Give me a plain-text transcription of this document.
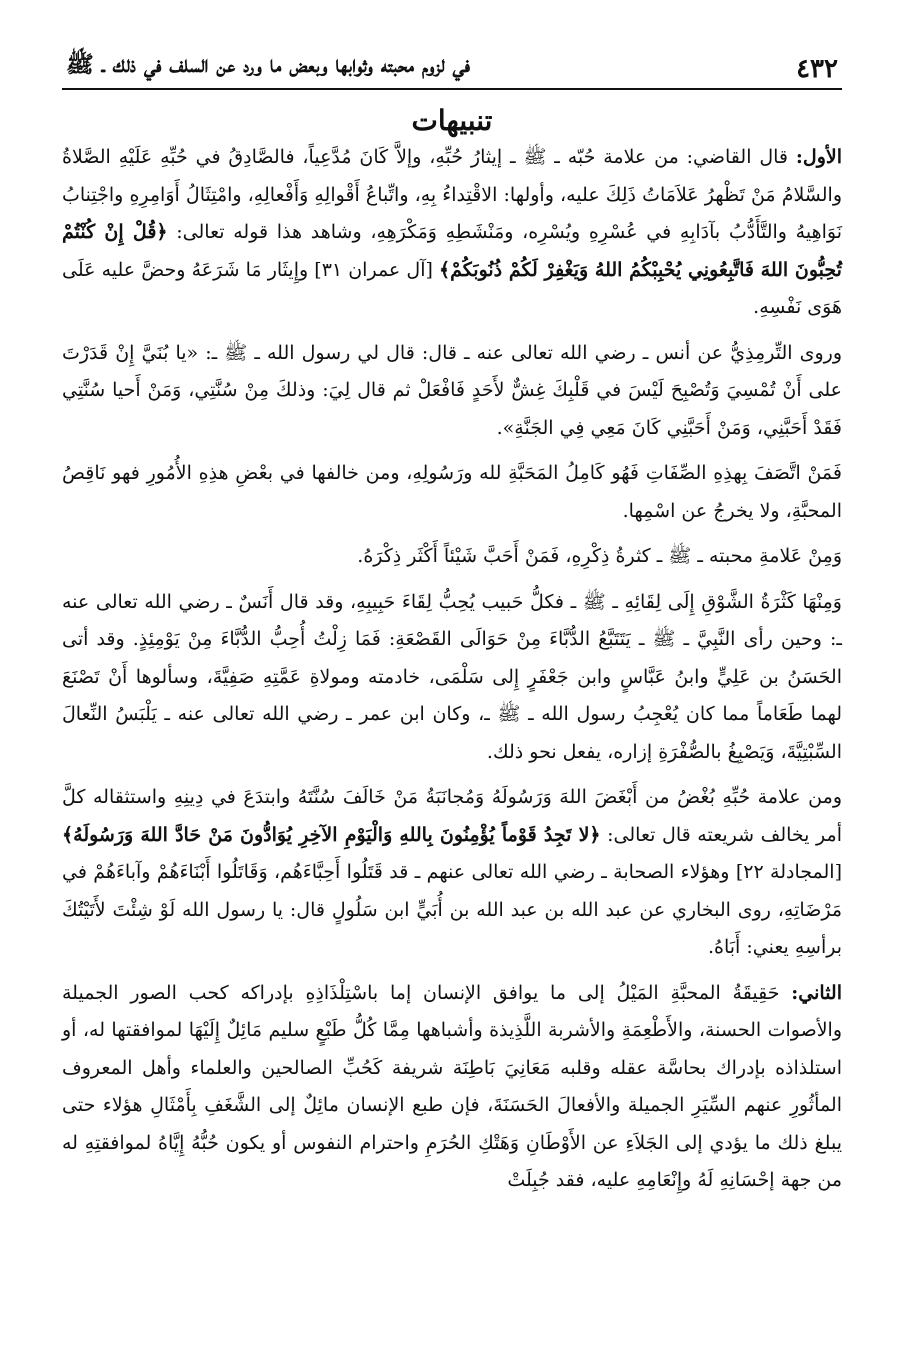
٤٣٢
في لزوم محبته وثوابها وبعض ما ورد عن السلف في ذلك ـ ﷺ
تنبيهات

الأول: قال القاضي: من علامة حُبّه ـ ﷺ ـ إيثارُ حُبِّهِ، وإلاَّ كَانَ مُدَّعِياً، فالصَّادِقُ في حُبِّهِ عَلَيْهِ الصَّلاةُ والسَّلامُ مَنْ تَظْهرُ عَلاَمَاتُ ذَلِكَ عليه، وأولها: الاقْتِداءُ بِهِ، واتِّباعُ أَقْوالِهِ وَأَفْعالِهِ، وامْتِثَالُ أَوَامِرِهِ واجْتِنابُ نَوَاهِيهُ والتَّأَدُّبُ بآدَابِهِ في عُسْرِهِ ويُسْرِه، ومَنْشَطِهِ وَمَكْرَهِهِ، وشاهد هذا قوله تعالى: ﴿قُلْ إِنْ كُنْتُمْ تُحِبُّونَ اللهَ فَاتَّبِعُونِي يُحْبِبْكُمُ اللهُ وَيَغْفِرْ لَكُمْ ذُنُوبَكُمْ﴾ [آل عمران ٣١] وإِيثَار مَا شَرَعَهُ وحضَّ عليه عَلَى هَوَى نَفْسِهِ.

وروى التِّرمِذِيُّ عن أنس ـ رضي الله تعالى عنه ـ قال: قال لي رسول الله ـ ﷺ ـ: «يا بُنَيَّ إِنْ قَدَرْتَ على أَنْ تُمْسِيَ وَتُصْبِحَ لَيْسَ في قَلْبِكَ غِشٌّ لأَحَدٍ فَافْعَلْ ثم قال لِيَ: وذلكَ مِنْ سُنَّتِي، وَمَنْ أَحيا سُنَّتِي فَقَدْ أَحَبَّنِي، وَمَنْ أَحَبَّنِي كَانَ مَعِي فِي الجَنَّةِ».

فَمَنْ اتَّصَفَ بِهذِهِ الصِّفَاتِ فَهُو كَامِلُ المَحَبَّةِ لله ورَسُولِهِ، ومن خالفها في بعْضِ هذِهِ الأُمُورِ فهو نَاقِصُ المحبَّةِ، ولا يخرجُ عن اسْمِها.

وَمِنْ عَلامةِ محبته ـ ﷺ ـ كثرةُ ذِكْرِهِ، فَمَنْ أَحَبَّ شَيْئاً أَكْثَر ذِكْرَهُ.

وَمِنْهَا كَثْرَةُ الشَّوْقِ إِلَى لِقَائِهِ ـ ﷺ ـ فكلُّ حَبيب يُحِبُّ لِقَاءَ حَبِيبِهِ، وقد قال أَنَسٌ ـ رضي الله تعالى عنه ـ: وحين رأى النَّبِيَّ ـ ﷺ ـ يَتَتَبَّعُ الدُّبَّاءَ مِنْ حَوَالَى القَصْعَةِ: فَمَا زِلْتُ أُحِبُّ الدُّبَّاءَ مِنْ يَوْمِئِذٍ. وقد أتى الحَسَنُ بن عَلِيٍّ وابنُ عَبَّاسٍ وابن جَعْفَرٍ إِلى سَلْمَى، خادمته ومولاةِ عَمَّتِهِ صَفِيَّةَ، وسألوها أَنْ تَصْنَعَ لهما طَعَاماً مما كان يُعْجِبُ رسول الله ـ ﷺ ـ، وكان ابن عمر ـ رضي الله تعالى عنه ـ يَلْبَسُ النِّعالَ السِّبْتِيَّةَ، وَيَصْبِغُ بالصُّفْرَةِ إزاره، يفعل نحو ذلك.

ومن علامة حُبِّهِ بُغْضُ من أَبْغَضَ اللهَ وَرَسُولَهُ وَمُجانَبَةُ مَنْ خَالَفَ سُنَّتَهُ وابتدَعَ في دِينِهِ واستثقاله كلَّ أمر يخالف شريعته قال تعالى: ﴿لا تَجِدُ قَوْماً يُؤْمِنُونَ بِاللهِ وَالْيَوْمِ الآخِرِ يُوَادُّونَ مَنْ حَادَّ اللهَ وَرَسُولَهُ﴾ [المجادلة ٢٢] وهؤلاء الصحابة ـ رضي الله تعالى عنهم ـ قد قَتَلُوا أَحِبَّاءَهُم، وَقَاتَلُوا أَبْنَاءَهُمْ وآباءَهُمْ في مَرْضَاتِهِ، روى البخاري عن عبد الله بن عبد الله بن أُبَيٍّ ابن سَلُولٍ قال: يا رسول الله لَوْ شِئْتَ لأَتَيْتُكَ برأسِهِ يعني: أَبَاهُ.

الثاني: حَقِيقَةُ المحبَّةِ المَيْلُ إلى ما يوافق الإنسان إما باسْتِلْذَاذِهِ بإدراكه كحب الصور الجميلة والأصوات الحسنة، والأَطْعِمَةِ والأشربة اللَّذِيذة وأشباهها مِمَّا كُلُّ طَبْعٍ سليم مَائِلٌ إِلَيْهَا لموافقتها له، أو استلذاذه بإدراك بحاسَّة عقله وقلبه مَعَانِيَ بَاطِنَة شريفة كَحُبِّ الصالحين والعلماء وأهل المعروف المأثُورِ عنهم السِّيَرِ الجميلة والأفعالَ الحَسَنَةَ، فإن طبع الإنسان مائِلٌ إلى الشَّغَفِ بِأَمْثَالِ هؤلاء حتى يبلغ ذلك ما يؤدي إلى الجَلاَءِ عن الأَوْطَانِ وَهَتْكِ الحُرَمِ واحترام النفوس أو يكون حُبُّهُ إِيَّاهُ لموافقتِهِ له من جهة إحْسَانِهِ لَهُ وإِنْعَامِهِ عليه، فقد جُبِلَتْ
